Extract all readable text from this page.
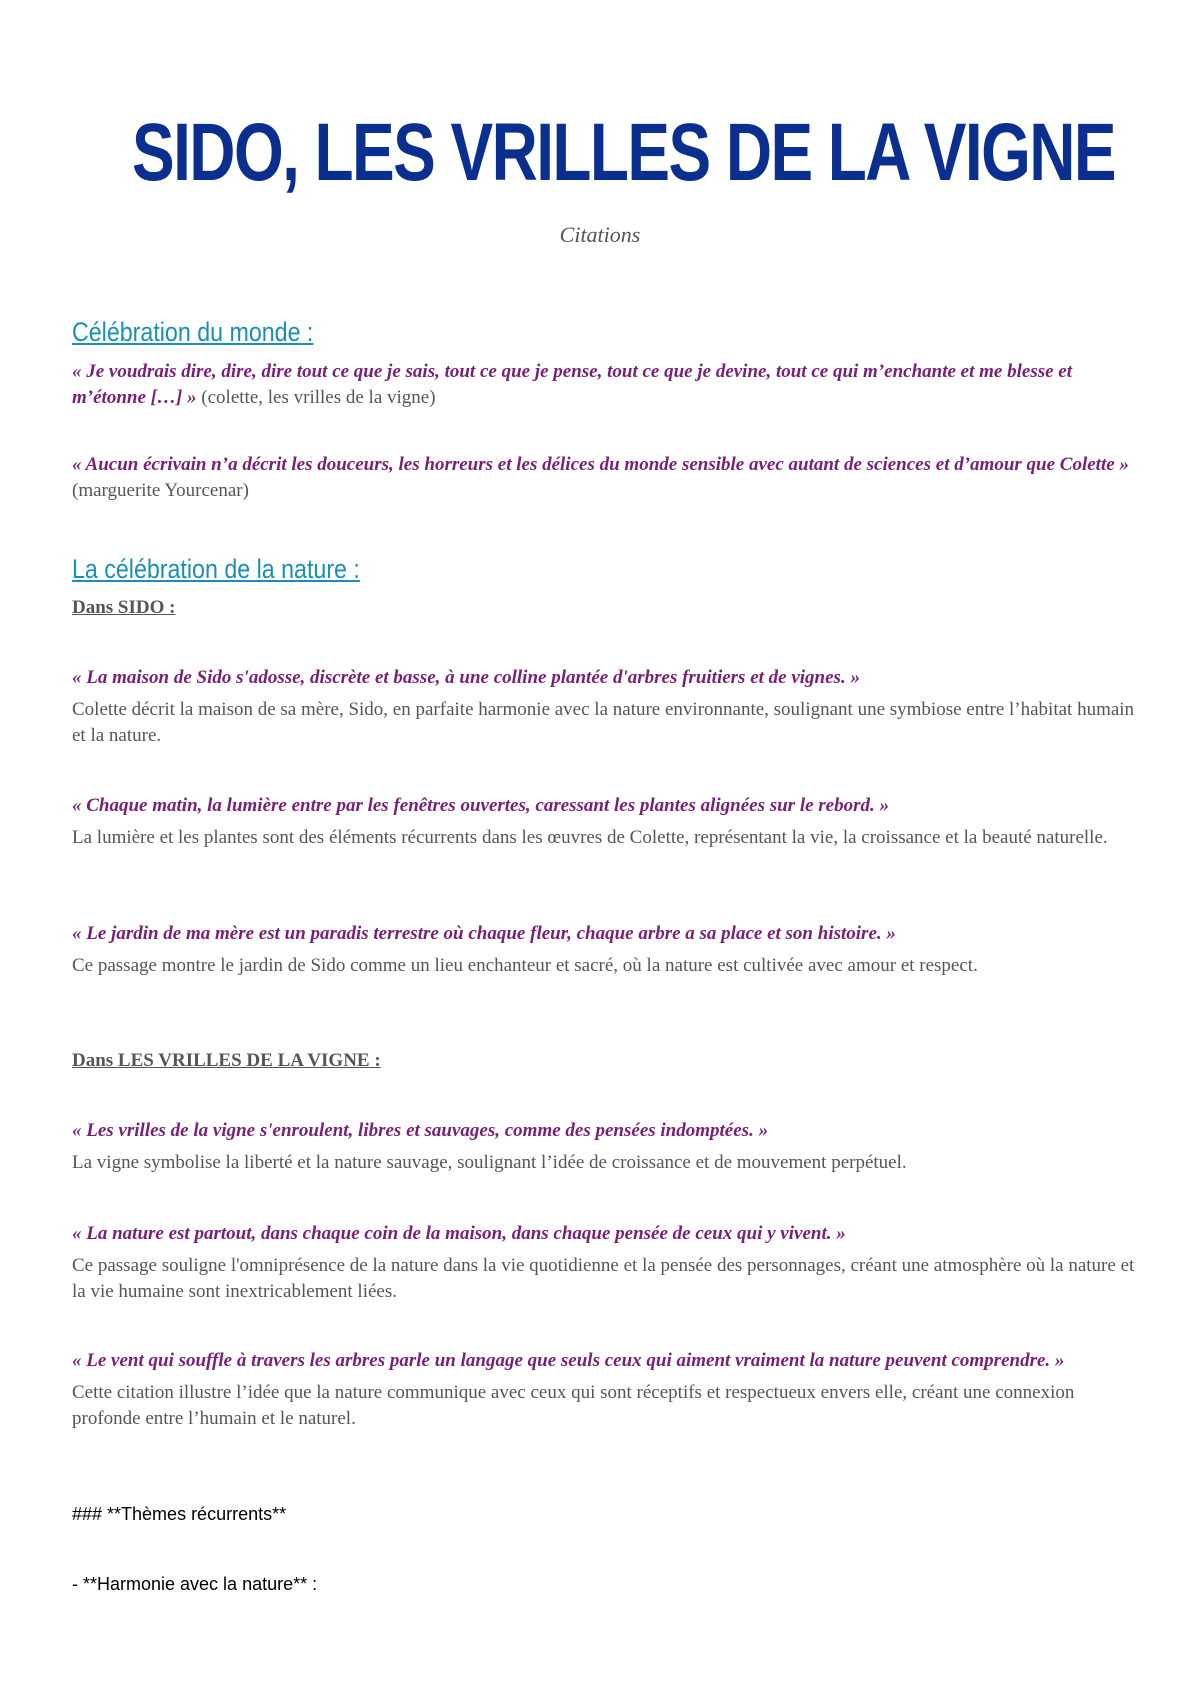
SIDO, LES VRILLES DE LA VIGNE
Citations
Célébration du monde :
« Je voudrais dire, dire, dire tout ce que je sais, tout ce que je pense, tout ce que je devine, tout ce qui m’enchante et me blesse et m’étonne […] » (colette, les vrilles de la vigne)
« Aucun écrivain n’a décrit les douceurs, les horreurs et les délices du monde sensible avec autant de sciences et d’amour que Colette » (marguerite Yourcenar)
La célébration de la nature :
Dans SIDO :
« La maison de Sido s'adosse, discrète et basse, à une colline plantée d'arbres fruitiers et de vignes. »
Colette décrit la maison de sa mère, Sido, en parfaite harmonie avec la nature environnante, soulignant une symbiose entre l’habitat humain et la nature.
« Chaque matin, la lumière entre par les fenêtres ouvertes, caressant les plantes alignées sur le rebord. »
La lumière et les plantes sont des éléments récurrents dans les œuvres de Colette, représentant la vie, la croissance et la beauté naturelle.
« Le jardin de ma mère est un paradis terrestre où chaque fleur, chaque arbre a sa place et son histoire. »
Ce passage montre le jardin de Sido comme un lieu enchanteur et sacré, où la nature est cultivée avec amour et respect.
Dans LES VRILLES DE LA VIGNE :
« Les vrilles de la vigne s'enroulent, libres et sauvages, comme des pensées indomptées. »
La vigne symbolise la liberté et la nature sauvage, soulignant l’idée de croissance et de mouvement perpétuel.
« La nature est partout, dans chaque coin de la maison, dans chaque pensée de ceux qui y vivent. »
Ce passage souligne l'omniprésence de la nature dans la vie quotidienne et la pensée des personnages, créant une atmosphère où la nature et la vie humaine sont inextricablement liées.
« Le vent qui souffle à travers les arbres parle un langage que seuls ceux qui aiment vraiment la nature peuvent comprendre. »
Cette citation illustre l’idée que la nature communique avec ceux qui sont réceptifs et respectueux envers elle, créant une connexion profonde entre l’humain et le naturel.
### **Thèmes récurrents**
- **Harmonie avec la nature** :
